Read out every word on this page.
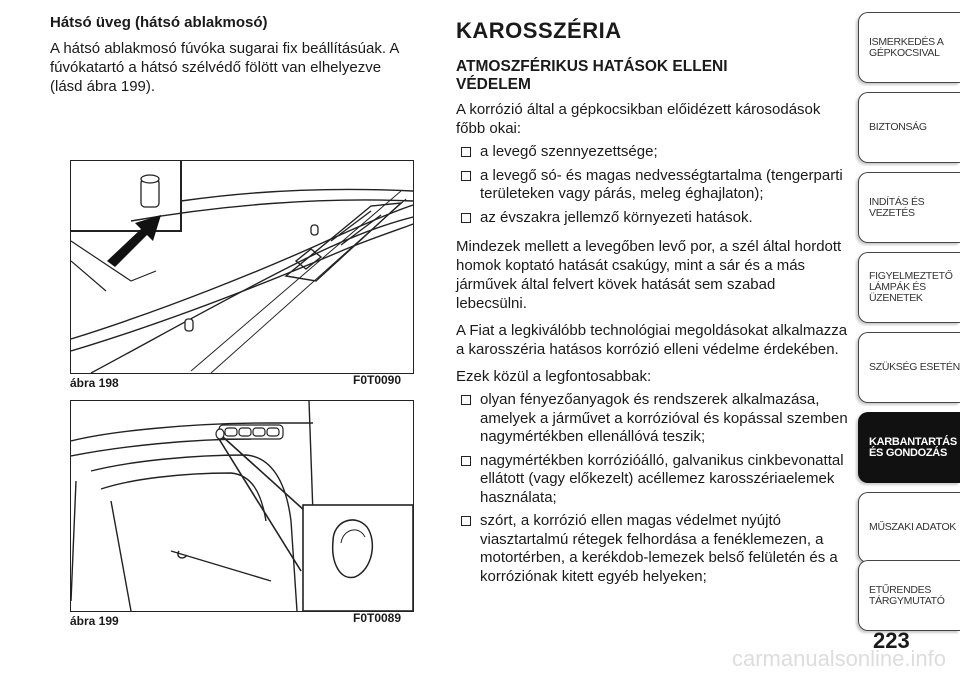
Hátsó üveg (hátsó ablakmosó)

A hátsó ablakmosó fúvóka sugarai fix beállításúak. A
fúvókatartó a hátsó szélvédő fölött van elhelyezve
(lásd ábra 199).

ábra 198	F0T0090
ábra 199	F0T0089
KAROSSZÉRIA
ATMOSZFÉRIKUS HATÁSOK ELLENI
VÉDELEM

A korrózió által a gépkocsikban előidézett károsodások főbb okai:

a levegő szennyezettsége;
a levegő só- és magas nedvességtartalma (tengerparti területeken vagy párás, meleg éghajlaton);
az évszakra jellemző környezeti hatások.

Mindezek mellett a levegőben levő por, a szél által hordott homok koptató hatását csakúgy, mint a sár és a más járművek által felvert kövek hatását sem szabad lebecsülni.

A Fiat a legkiválóbb technológiai megoldásokat alkalmazza a karosszéria hatásos korrózió elleni védelme érdekében.

Ezek közül a legfontosabbak:

olyan fényezőanyagok és rendszerek alkalmazása, amelyek a járművet a korrózióval és kopással szemben nagymértékben ellenállóvá teszik;
nagymértékben korrózióálló, galvanikus cinkbevonattal ellátott (vagy előkezelt) acéllemez karosszériaelemek használata;
szórt, a korrózió ellen magas védelmet nyújtó viasztartalmú rétegek felhordása a fenéklemezen, a motortérben, a kerékdob-lemezek belső felületén és a korróziónak kitett egyéb helyeken;
ISMERKEDÉS A
GÉPKOCSIVAL
BIZTONSÁG
INDÍTÁS ÉS VEZETÉS
FIGYELMEZTETŐ
LÁMPÁK ÉS
ÜZENETEK
SZÜKSÉG ESETÉN
KARBANTARTÁS
ÉS GONDOZÁS
MŰSZAKI ADATOK
ETŰRENDES
TÁRGYMUTATÓ
223
carmanualsonline.info
